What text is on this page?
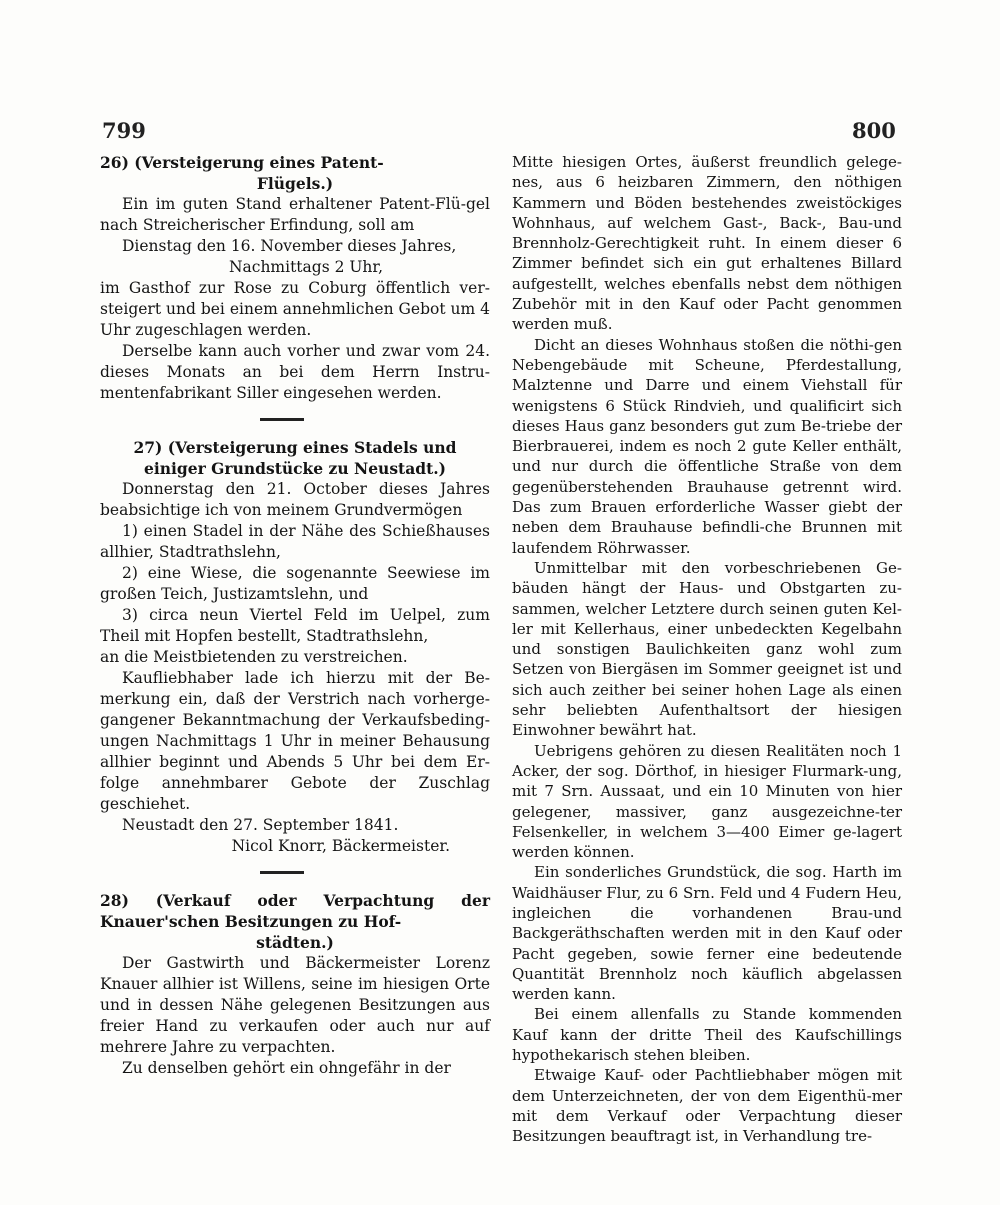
799	800

26) (Versteigerung eines Patent-

Flügels.)

Ein im guten Stand erhaltener Patent-Flü-gel nach Streicherischer Erfindung, soll am

Dienstag den 16. November dieses Jahres,

Nachmittags 2 Uhr,

im Gasthof zur Rose zu Coburg öffentlich ver-steigert und bei einem annehmlichen Gebot um 4 Uhr zugeschlagen werden.

Derselbe kann auch vorher und zwar vom 24. dieses Monats an bei dem Herrn Instru-mentenfabrikant Siller eingesehen werden.

27) (Versteigerung eines Stadels und einiger Grundstücke zu Neustadt.)

Donnerstag den 21. October dieses Jahres beabsichtige ich von meinem Grundvermögen

1) einen Stadel in der Nähe des Schießhauses allhier, Stadtrathslehn,

2) eine Wiese, die sogenannte Seewiese im großen Teich, Justizamtslehn, und

3) circa neun Viertel Feld im Uelpel, zum Theil mit Hopfen bestellt, Stadtrathslehn,

an die Meistbietenden zu verstreichen.

Kaufliebhaber lade ich hierzu mit der Be-merkung ein, daß der Verstrich nach vorherge-gangener Bekanntmachung der Verkaufsbeding-ungen Nachmittags 1 Uhr in meiner Behausung allhier beginnt und Abends 5 Uhr bei dem Er-folge annehmbarer Gebote der Zuschlag geschiehet.

Neustadt den 27. September 1841.

Nicol Knorr, Bäckermeister.

28) (Verkauf oder Verpachtung der Knauer'schen Besitzungen zu Hof-

städten.)

Der Gastwirth und Bäckermeister Lorenz Knauer allhier ist Willens, seine im hiesigen Orte und in dessen Nähe gelegenen Besitzungen aus freier Hand zu verkaufen oder auch nur auf mehrere Jahre zu verpachten.

Zu denselben gehört ein ohngefähr in der

Mitte hiesigen Ortes, äußerst freundlich gelege-nes, aus 6 heizbaren Zimmern, den nöthigen Kammern und Böden bestehendes zweistöckiges Wohnhaus, auf welchem Gast-, Back-, Bau-und Brennholz-Gerechtigkeit ruht. In einem dieser 6 Zimmer befindet sich ein gut erhaltenes Billard aufgestellt, welches ebenfalls nebst dem nöthigen Zubehör mit in den Kauf oder Pacht genommen werden muß.

Dicht an dieses Wohnhaus stoßen die nöthi-gen Nebengebäude mit Scheune, Pferdestallung, Malztenne und Darre und einem Viehstall für wenigstens 6 Stück Rindvieh, und qualificirt sich dieses Haus ganz besonders gut zum Be-triebe der Bierbrauerei, indem es noch 2 gute Keller enthält, und nur durch die öffentliche Straße von dem gegenüberstehenden Brauhause getrennt wird. Das zum Brauen erforderliche Wasser giebt der neben dem Brauhause befindli-che Brunnen mit laufendem Röhrwasser.

Unmittelbar mit den vorbeschriebenen Ge-bäuden hängt der Haus- und Obstgarten zu-sammen, welcher Letztere durch seinen guten Kel-ler mit Kellerhaus, einer unbedeckten Kegelbahn und sonstigen Baulichkeiten ganz wohl zum Setzen von Biergäsen im Sommer geeignet ist und sich auch zeither bei seiner hohen Lage als einen sehr beliebten Aufenthaltsort der hiesigen Einwohner bewährt hat.

Uebrigens gehören zu diesen Realitäten noch 1 Acker, der sog. Dörthof, in hiesiger Flurmark-ung, mit 7 Srn. Aussaat, und ein 10 Minuten von hier gelegener, massiver, ganz ausgezeichne-ter Felsenkeller, in welchem 3—400 Eimer ge-lagert werden können.

Ein sonderliches Grundstück, die sog. Harth im Waidhäuser Flur, zu 6 Srn. Feld und 4 Fudern Heu, ingleichen die vorhandenen Brau-und Backgeräthschaften werden mit in den Kauf oder Pacht gegeben, sowie ferner eine bedeutende Quantität Brennholz noch käuflich abgelassen werden kann.

Bei einem allenfalls zu Stande kommenden Kauf kann der dritte Theil des Kaufschillings hypothekarisch stehen bleiben.

Etwaige Kauf- oder Pachtliebhaber mögen mit dem Unterzeichneten, der von dem Eigenthü-mer mit dem Verkauf oder Verpachtung dieser Besitzungen beauftragt ist, in Verhandlung tre-
